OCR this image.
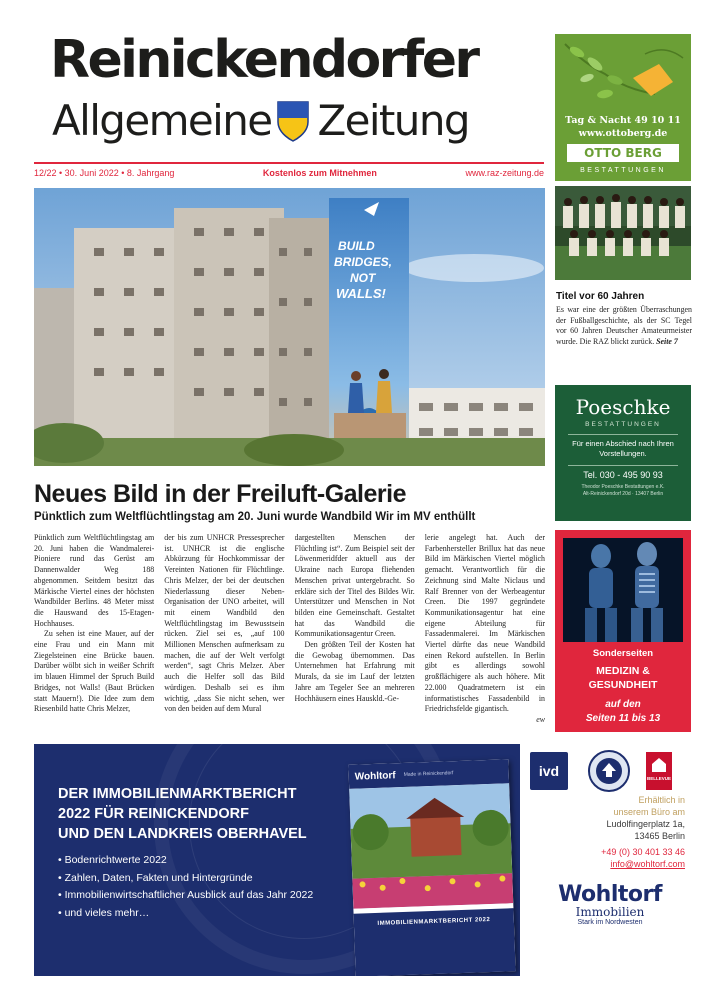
Reinickendorfer
Allgemeine Zeitung
12/22 • 30. Juni 2022 • 8. Jahrgang	Kostenlos zum Mitnehmen	www.raz-zeitung.de
Tag & Nacht 49 10 11
www.ottoberg.de
OTTO BERG
BESTATTUNGEN
BUILD
BRIDGES,
NOT
WALLS!
Neues Bild in der Freiluft-Galerie
Pünktlich zum Weltflüchtlingstag am 20. Juni wurde Wandbild Wir im MV enthüllt

Pünktlich zum Weltflüchtlingstag am 20. Juni haben die Wandmalerei-Pioniere rund das Gerüst am Dannenwalder Weg 188 abgenommen. Seitdem besitzt das Märkische Viertel eines der höchsten Wandbilder Berlins. 48 Meter misst die Hauswand des 15-Etagen-Hochhauses.

Zu sehen ist eine Mauer, auf der eine Frau und ein Mann mit Ziegelsteinen eine Brücke bauen. Darüber wölbt sich in weißer Schrift im blauen Himmel der Spruch Build Bridges, not Walls! (Baut Brücken statt Mauern!). Die Idee zum dem Riesenbild hatte Chris Melzer,

der bis zum UNHCR Pressesprecher ist. UNHCR ist die englische Abkürzung für Hochkommissar der Vereinten Nationen für Flüchtlinge. Chris Melzer, der bei der deutschen Niederlassung dieser Neben-Organisation der UNO arbeitet, will mit einem Wandbild den Weltflüchtlingstag im Bewusstsein rücken. Ziel sei es, „auf 100 Millionen Menschen aufmerksam zu machen, die auf der Welt verfolgt werden“, sagt Chris Melzer. Aber auch die Helfer soll das Bild würdigen. Deshalb sei es ihm wichtig, „dass Sie nicht sehen, wer von den beiden auf dem Mural

dargestellten Menschen der Flüchtling ist“. Zum Beispiel seit der Löwenmeridfder aktuell aus der Ukraine nach Europa fliehenden Menschen privat untergebracht. So erkläre sich der Titel des Bildes Wir. Unterstützer und Menschen in Not bilden eine Gemeinschaft. Gestaltet hat das Wandbild die Kommunikationsagentur Creen.

Den größten Teil der Kosten hat die Gewobag übernommen. Das Unternehmen hat Erfahrung mit Murals, da sie im Lauf der letzten Jahre am Tegeler See an mehreren Hochhäusern eines Hauskld.-Ge-

lerie angelegt hat. Auch der Farbenhersteller Brillux hat das neue Bild im Märkischen Viertel möglich gemacht. Verantwortlich für die Zeichnung sind Malte Niclaus und Ralf Brenner von der Werbeagentur Creen. Die 1997 gegründete Kommunikationsagentur hat eine eigene Abteilung für Fassadenmalerei. Im Märkischen Viertel dürfte das neue Wandbild einen Rekord aufstellen. In Berlin gibt es allerdings sowohl großflächigere als auch höhere. Mit 22.000 Quadratmetern ist ein informatistisches Fassadenbild in Friedrichsfelde gigantisch.

ew

Titel vor 60 Jahren
Es war eine der größten Überraschungen der Fußballgeschichte, als der SC Tegel vor 60 Jahren Deutscher Amateurmeister wurde. Die RAZ blickt zurück. Seite 7
Poeschke
BESTATTUNGEN
Für einen Abschied nach Ihren Vorstellungen.
Tel. 030 - 495 90 93
Theodor Poeschke Bestattungen e.K.
Alt-Reinickendorf 20d · 13407 Berlin
Sonderseiten
MEDIZIN &
GESUNDHEIT
auf den
Seiten 11 bis 13
DER IMMOBILIENMARKTBERICHT
2022 FÜR REINICKENDORF
UND DEN LANDKREIS OBERHAVEL
• Bodenrichtwerte 2022
• Zahlen, Daten, Fakten und Hintergründe
• Immobilienwirtschaftlicher Ausblick auf das Jahr 2022
• und vieles mehr…
Wohltorf Made in Reinickendorf
IMMOBILIENMARKTBERICHT 2022
ivd	BELLEVUE
Erhältlich in
unserem Büro am
Ludolfingerplatz 1a,
13465 Berlin
+49 (0) 30 401 33 46
info@wohltorf.com
Wohltorf
Immobilien
Stark im Nordwesten
